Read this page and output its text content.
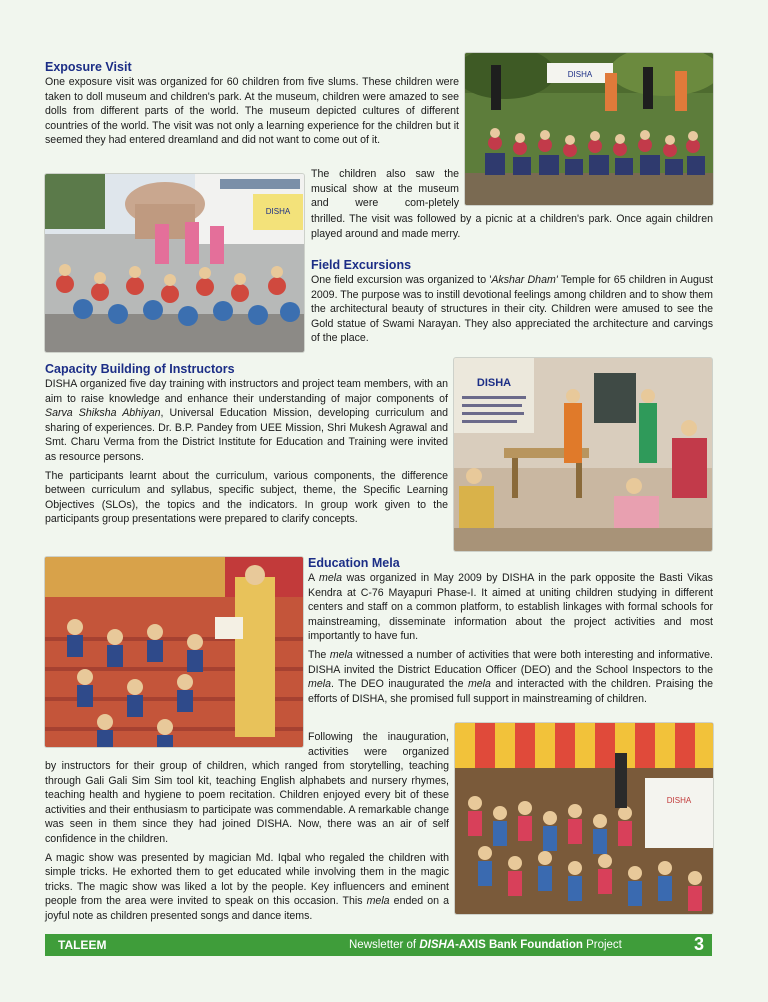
Exposure Visit

One exposure visit was organized for 60 children from five slums. These children were taken to doll museum and children's park. At the museum, children were amazed to see dolls from different parts of the world. The museum depicted cultures of different countries of the world. The visit was not only a learning experience for the children but it seemed they had entered dreamland and did not want to come out of it.

The children also saw the musical show at the museum and were com-pletely

thrilled. The visit was followed by a picnic at a children's park. Once again children played around and made merry.

DISHA
DISHA
Field Excursions

One field excursion was organized to 'Akshar Dham' Temple for 65 children in August 2009. The purpose was to instill devotional feelings among children and to show them the architectural beauty of structures in their city. Children were amused to see the Gold statue of Swami Narayan. They also appreciated the architecture and carvings of the place.

Capacity Building of Instructors

DISHA organized five day training with instructors and project team members, with an aim to raise knowledge and enhance their understanding of major components of Sarva Shiksha Abhiyan, Universal Education Mission, developing curriculum and sharing of experiences. Dr. B.P. Pandey from UEE Mission, Shri Mukesh Agrawal and Smt. Charu Verma from the District Institute for Education and Training were invited as resource persons.

The participants learnt about the curriculum, various components, the difference between curriculum and syllabus, specific subject, theme, the Specific Learning Objectives (SLOs), the topics and the indicators. In group work given to the participants group presentations were prepared to clarify concepts.

DISHA
Education Mela

A mela was organized in May 2009 by DISHA in the park opposite the Basti Vikas Kendra at C-76 Mayapuri Phase-I. It aimed at uniting children studying in different centers and staff on a common platform, to establish linkages with formal schools for mainstreaming, disseminate information about the project activities and most importantly to have fun.

The mela witnessed a number of activities that were both interesting and informative. DISHA invited the District Education Officer (DEO) and the School Inspectors to the mela. The DEO inaugurated the mela and interacted with the children. Praising the efforts of DISHA, she promised full support in mainstreaming of children.

Following the inauguration, activities were organized

DISHA

by instructors for their group of children, which ranged from storytelling, teaching through Gali Gali Sim Sim tool kit, teaching English alphabets and nursery rhymes, teaching health and hygiene to poem recitation. Children enjoyed every bit of these activities and their enthusiasm to participate was commendable. A remarkable change was seen in them since they had joined DISHA. Now, there was an air of self confidence in the children.

A magic show was presented by magician Md. Iqbal who regaled the children with simple tricks. He exhorted them to get educated while involving them in the magic tricks. The magic show was liked a lot by the people. Key influencers and eminent people from the area were invited to speak on this occasion. This mela ended on a joyful note as children presented songs and dance items.

TALEEM	Newsletter of DISHA-AXIS Bank Foundation Project	3
